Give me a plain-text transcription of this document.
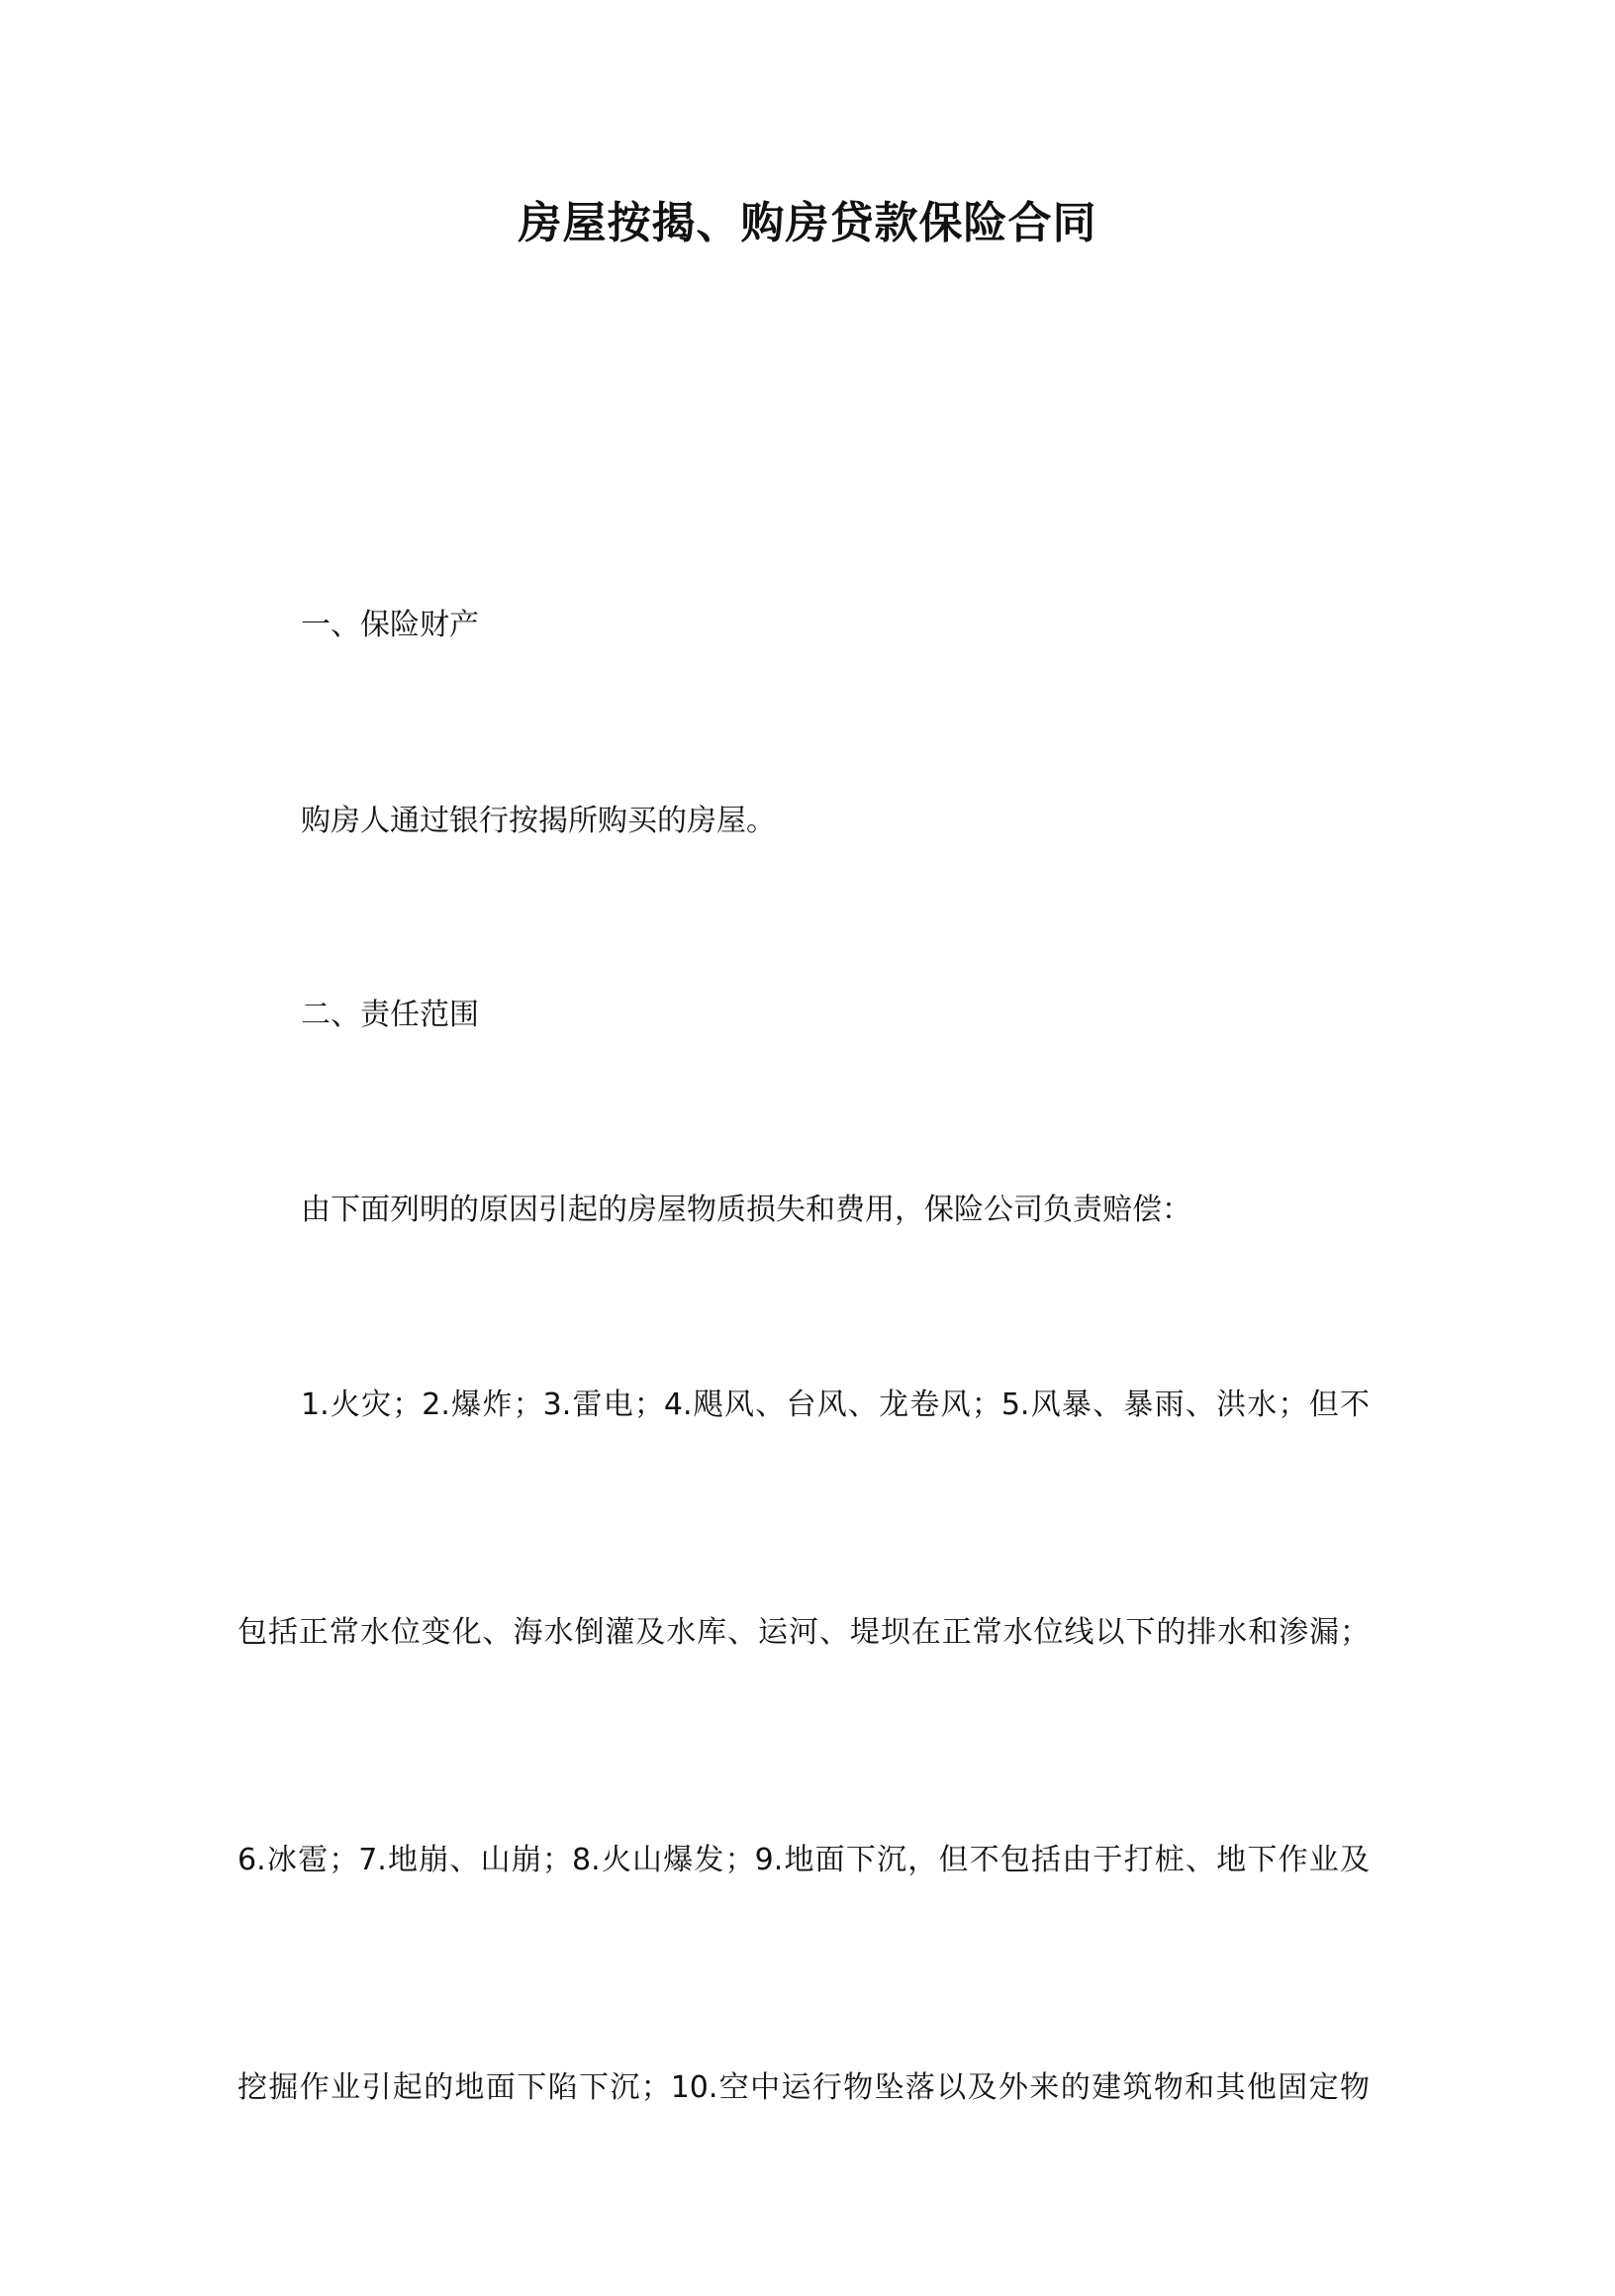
房屋按揭、购房贷款保险合同

一、保险财产

购房人通过银行按揭所购买的房屋。

二、责任范围

由下面列明的原因引起的房屋物质损失和费用，保险公司负责赔偿：

1.火灾；2.爆炸；3.雷电；4.飓风、台风、龙卷风；5.风暴、暴雨、洪水；但不
包括正常水位变化、海水倒灌及水库、运河、堤坝在正常水位线以下的排水和渗漏；
6.冰雹；7.地崩、山崩；8.火山爆发；9.地面下沉，但不包括由于打桩、地下作业及
挖掘作业引起的地面下陷下沉；10.空中运行物坠落以及外来的建筑物和其他固定物
